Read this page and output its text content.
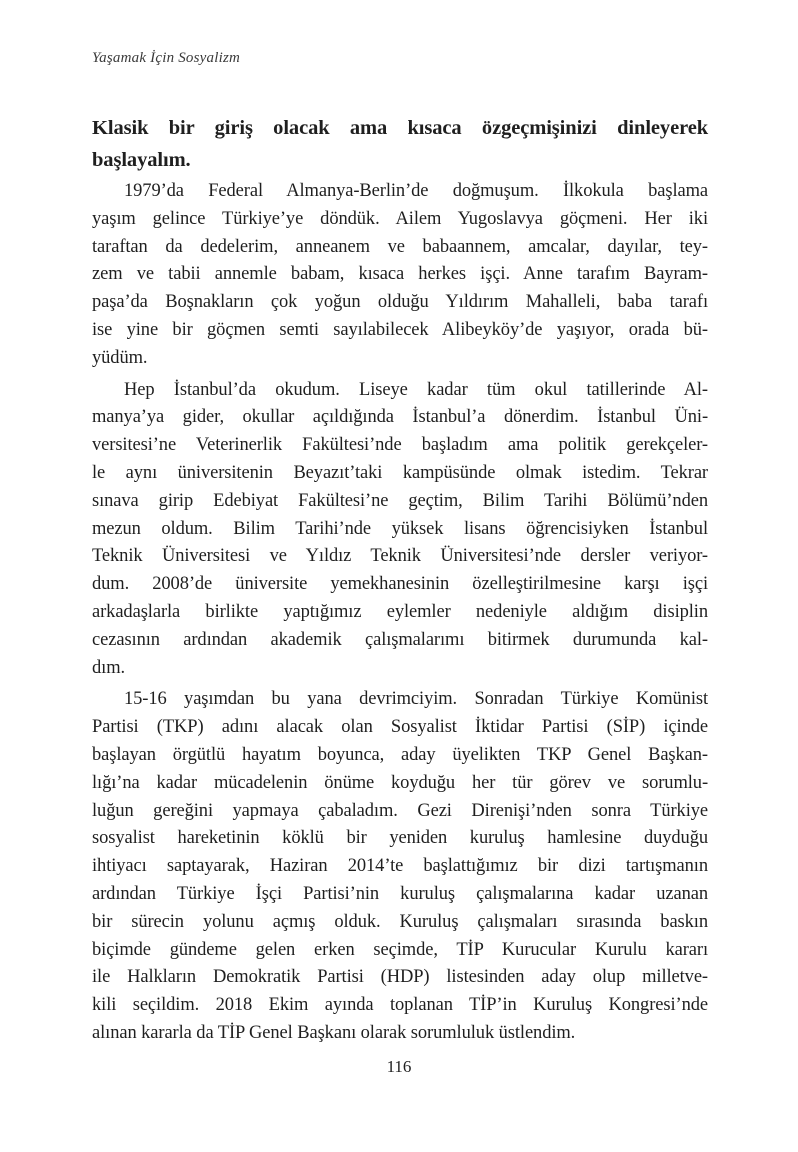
Yaşamak İçin Sosyalizm
Klasik bir giriş olacak ama kısaca özgeçmişinizi dinleyerek
başlayalım.
1979’da Federal Almanya-Berlin’de doğmuşum. İlkokula başlama
yaşım gelince Türkiye’ye döndük. Ailem Yugoslavya göçmeni. Her iki
taraftan da dedelerim, anneanem ve babaannem, amcalar, dayılar, tey-
zem ve tabii annemle babam, kısaca herkes işçi. Anne tarafım Bayram-
paşa’da Boşnakların çok yoğun olduğu Yıldırım Mahalleli, baba tarafı
ise yine bir göçmen semti sayılabilecek Alibeyköy’de yaşıyor, orada bü-
yüdüm.
Hep İstanbul’da okudum. Liseye kadar tüm okul tatillerinde Al-
manya’ya gider, okullar açıldığında İstanbul’a dönerdim. İstanbul Üni-
versitesi’ne Veterinerlik Fakültesi’nde başladım ama politik gerekçeler-
le aynı üniversitenin Beyazıt’taki kampüsünde olmak istedim. Tekrar
sınava girip Edebiyat Fakültesi’ne geçtim, Bilim Tarihi Bölümü’nden
mezun oldum. Bilim Tarihi’nde yüksek lisans öğrencisiyken İstanbul
Teknik Üniversitesi ve Yıldız Teknik Üniversitesi’nde dersler veriyor-
dum. 2008’de üniversite yemekhanesinin özelleştirilmesine karşı işçi
arkadaşlarla birlikte yaptığımız eylemler nedeniyle aldığım disiplin
cezasının ardından akademik çalışmalarımı bitirmek durumunda kal-
dım.
15-16 yaşımdan bu yana devrimciyim. Sonradan Türkiye Komünist
Partisi (TKP) adını alacak olan Sosyalist İktidar Partisi (SİP) içinde
başlayan örgütlü hayatım boyunca, aday üyelikten TKP Genel Başkan-
lığı’na kadar mücadelenin önüme koyduğu her tür görev ve sorumlu-
luğun gereğini yapmaya çabaladım. Gezi Direnişi’nden sonra Türkiye
sosyalist hareketinin köklü bir yeniden kuruluş hamlesine duyduğu
ihtiyacı saptayarak, Haziran 2014’te başlattığımız bir dizi tartışmanın
ardından Türkiye İşçi Partisi’nin kuruluş çalışmalarına kadar uzanan
bir sürecin yolunu açmış olduk. Kuruluş çalışmaları sırasında baskın
biçimde gündeme gelen erken seçimde, TİP Kurucular Kurulu kararı
ile Halkların Demokratik Partisi (HDP) listesinden aday olup milletve-
kili seçildim. 2018 Ekim ayında toplanan TİP’in Kuruluş Kongresi’nde
alınan kararla da TİP Genel Başkanı olarak sorumluluk üstlendim.
116
